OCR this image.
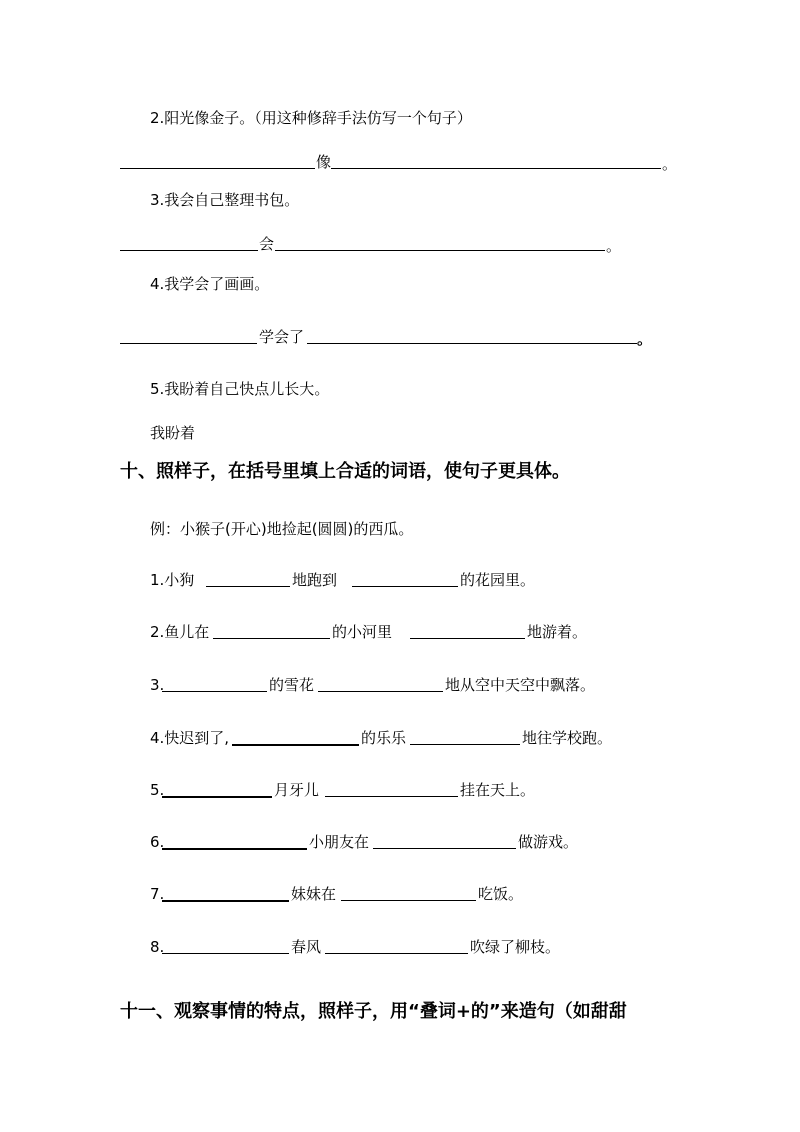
2.阳光像金子。（用这种修辞手法仿写一个句子）
像	。
3.我会自己整理书包。
会	。
4.我学会了画画。
学会了	。
5.我盼着自己快点儿长大。
我盼着
十、照样子，在括号里填上合适的词语，使句子更具体。
例：小猴子(开心)地捡起(圆圆)的西瓜。
1.小狗	地跑到	的花园里。
2.鱼儿在	的小河里	地游着。
3.	的雪花	地从空中天空中飘落。
4.快迟到了,	的乐乐	地往学校跑。
5.	月牙儿	挂在天上。
6.	小朋友在	做游戏。
7.	妹妹在	吃饭。
8.	春风	吹绿了柳枝。
十一、观察事情的特点，照样子，用“叠词+的”来造句（如甜甜
